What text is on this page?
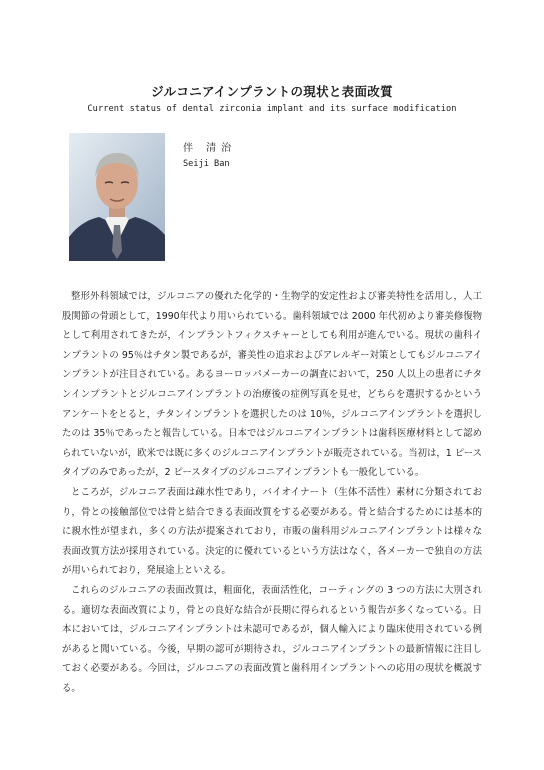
ジルコニアインプラントの現状と表面改質
Current status of dental zirconia implant and its surface modification
伴 清治
Seiji Ban

整形外科領域では，ジルコニアの優れた化学的・生物学的安定性および審美特性を活用し，人工股関節の骨頭として，1990年代より用いられている。歯科領域では 2000 年代初めより審美修復物として利用されてきたが，インプラントフィクスチャーとしても利用が進んでいる。現状の歯科インプラントの 95％はチタン製であるが，審美性の追求およびアレルギー対策としてもジルコニアインプラントが注目されている。あるヨーロッパメーカーの調査において，250 人以上の患者にチタンインプラントとジルコニアインプラントの治療後の症例写真を見せ，どちらを選択するかというアンケートをとると，チタンインプラントを選択したのは 10％，ジルコニアインプラントを選択したのは 35％であったと報告している。日本ではジルコニアインプラントは歯科医療材料として認められていないが，欧米では既に多くのジルコニアインプラントが販売されている。当初は，1 ピースタイプのみであったが，2 ピースタイプのジルコニアインプラントも一般化している。

ところが，ジルコニア表面は疎水性であり，バイオイナート（生体不活性）素材に分類されており，骨との接触部位では骨と結合できる表面改質をする必要がある。骨と結合するためには基本的に親水性が望まれ，多くの方法が提案されており，市販の歯科用ジルコニアインプラントは様々な表面改質方法が採用されている。決定的に優れているという方法はなく，各メーカーで独自の方法が用いられており，発展途上といえる。

これらのジルコニアの表面改質は，粗面化，表面活性化，コーティングの 3 つの方法に大別される。適切な表面改質により，骨との良好な結合が長期に得られるという報告が多くなっている。日本においては，ジルコニアインプラントは未認可であるが，個人輸入により臨床使用されている例があると聞いている。今後，早期の認可が期待され，ジルコニアインプラントの最新情報に注目しておく必要がある。今回は，ジルコニアの表面改質と歯科用インプラントへの応用の現状を概説する。
